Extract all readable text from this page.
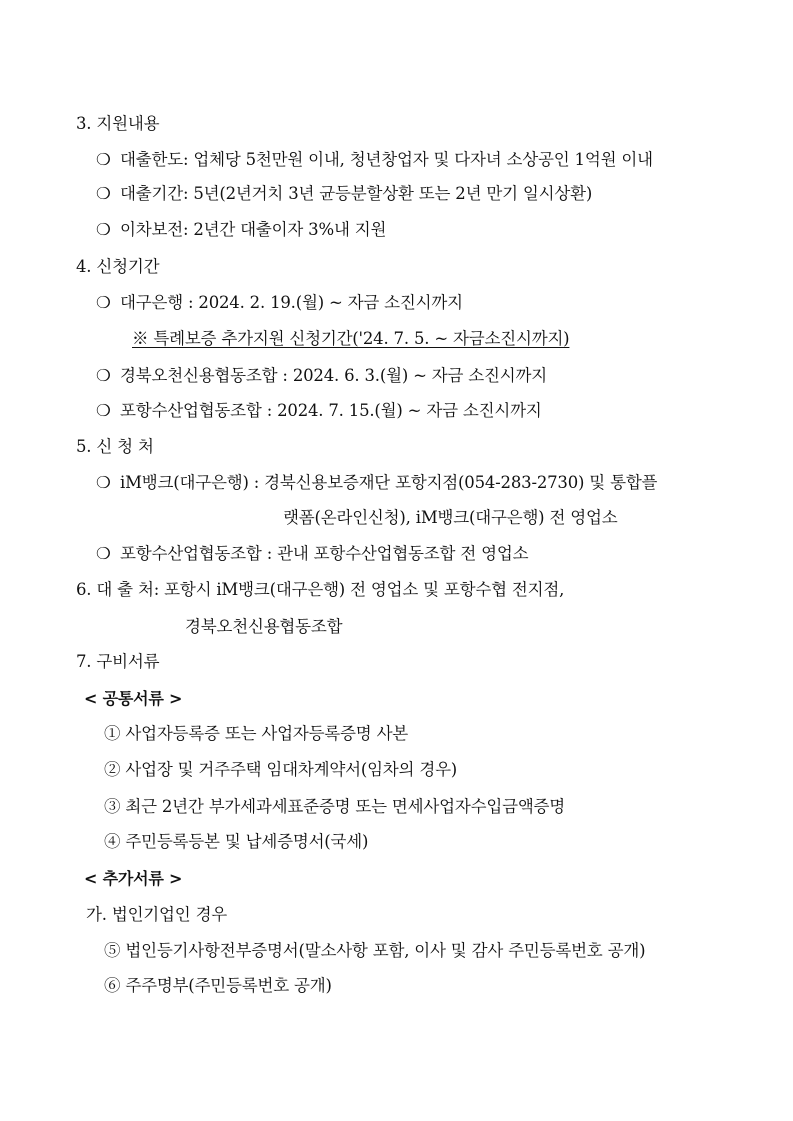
3. 지원내용
❍ 대출한도: 업체당 5천만원 이내, 청년창업자 및 다자녀 소상공인 1억원 이내
❍ 대출기간: 5년(2년거치 3년 균등분할상환 또는 2년 만기 일시상환)
❍ 이차보전: 2년간 대출이자 3%내 지원
4. 신청기간
❍ 대구은행 : 2024. 2. 19.(월) ~ 자금 소진시까지
※ 특례보증 추가지원 신청기간('24. 7. 5. ~ 자금소진시까지)
❍ 경북오천신용협동조합 : 2024. 6. 3.(월) ~ 자금 소진시까지
❍ 포항수산업협동조합 : 2024. 7. 15.(월) ~ 자금 소진시까지
5. 신 청 처
❍ iM뱅크(대구은행) : 경북신용보증재단 포항지점(054-283-2730) 및 통합플
랫폼(온라인신청), iM뱅크(대구은행) 전 영업소
❍ 포항수산업협동조합 : 관내 포항수산업협동조합 전 영업소
6. 대 출 처: 포항시 iM뱅크(대구은행) 전 영업소 및 포항수협 전지점,
경북오천신용협동조합
7. 구비서류
< 공통서류 >
① 사업자등록증 또는 사업자등록증명 사본
② 사업장 및 거주주택 임대차계약서(임차의 경우)
③ 최근 2년간 부가세과세표준증명 또는 면세사업자수입금액증명
④ 주민등록등본 및 납세증명서(국세)
< 추가서류 >
가. 법인기업인 경우
⑤ 법인등기사항전부증명서(말소사항 포함, 이사 및 감사 주민등록번호 공개)
⑥ 주주명부(주민등록번호 공개)
